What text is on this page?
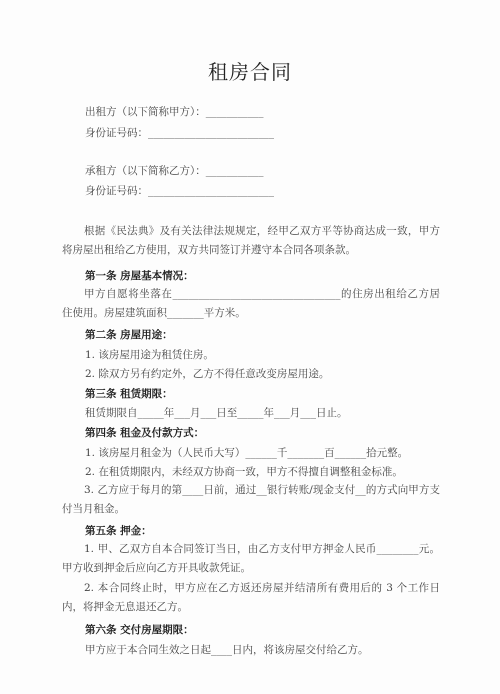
租房合同
出租方（以下简称甲方）：___________
身份证号码：________________________
承租方（以下简称乙方）：___________
身份证号码：________________________
根据《民法典》及有关法律法规规定，经甲乙双方平等协商达成一致，甲方将房屋出租给乙方使用，双方共同签订并遵守本合同各项条款。
第一条 房屋基本情况：
甲方自愿将坐落在________________________________的住房出租给乙方居住使用。房屋建筑面积_______平方米。
第二条 房屋用途：
1. 该房屋用途为租赁住房。
2. 除双方另有约定外，乙方不得任意改变房屋用途。
第三条 租赁期限：
租赁期限自_____年___月___日至_____年___月___日止。
第四条 租金及付款方式：
1. 该房屋月租金为（人民币大写）______千_______百______拾元整。
2. 在租赁期限内，未经双方协商一致，甲方不得擅自调整租金标准。
3. 乙方应于每月的第____日前，通过__银行转账/现金支付__的方式向甲方支付当月租金。
第五条 押金：
1. 甲、乙双方自本合同签订当日，由乙方支付甲方押金人民币________元。甲方收到押金后应向乙方开具收款凭证。
2. 本合同终止时，甲方应在乙方返还房屋并结清所有费用后的 3 个工作日内，将押金无息退还乙方。
第六条 交付房屋期限：
甲方应于本合同生效之日起____日内，将该房屋交付给乙方。
